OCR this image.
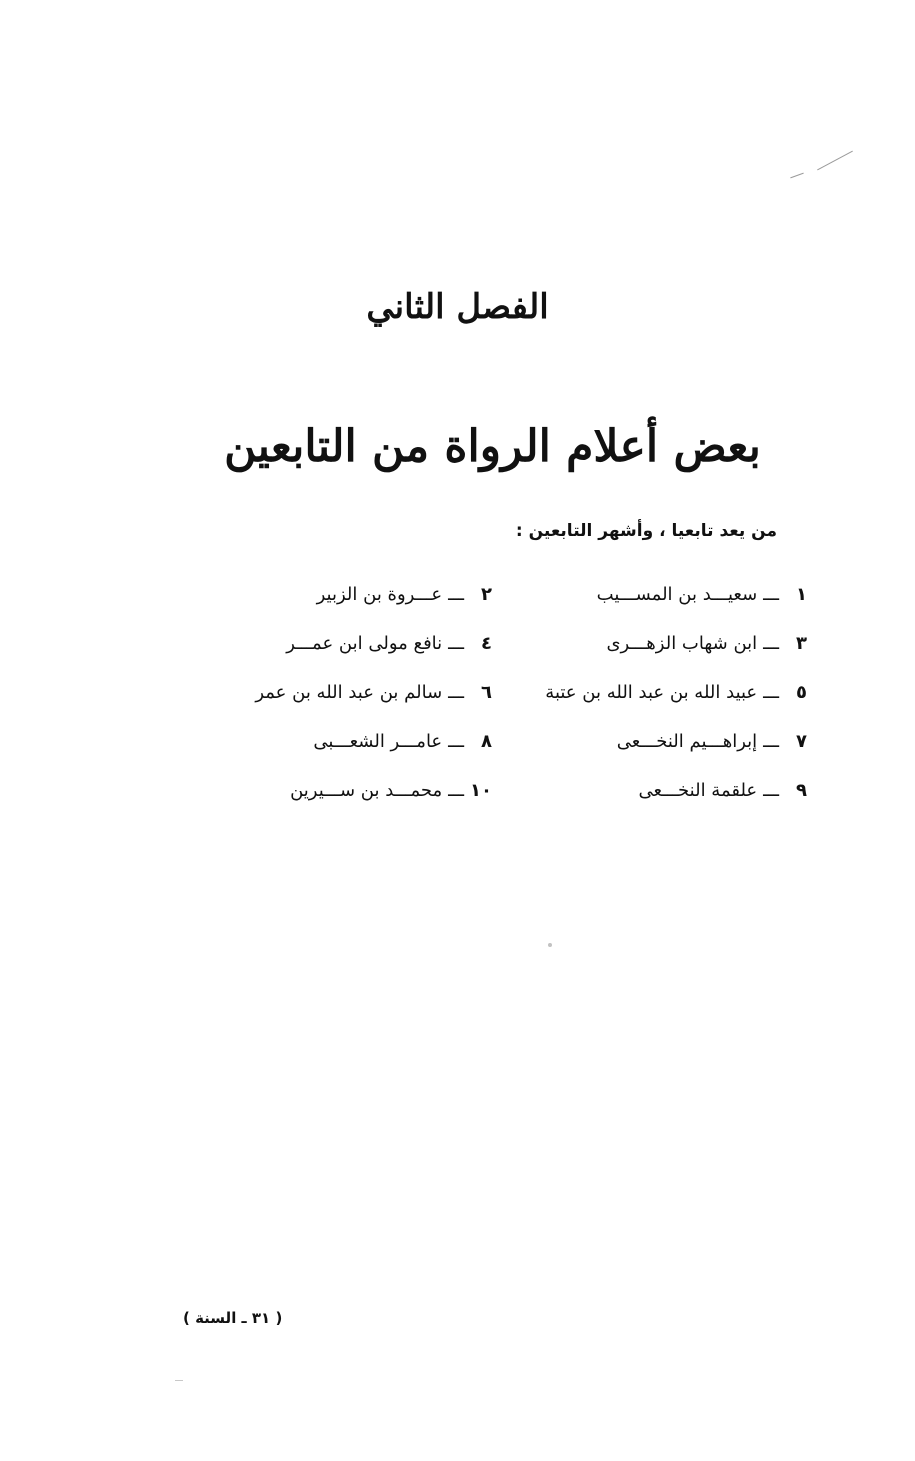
الفصل الثاني
بعض أعلام الرواة من التابعين
من يعد تابعيا ، وأشهر التابعين :
١
ـــ
سعيـــد بن المســـيب
٢
ـــ
عـــروة بن الزبير
٣
ـــ
ابن شهاب الزهـــرى
٤
ـــ
نافع مولى ابن عمـــر
٥
ـــ
عبيد الله بن عبد الله بن عتبة
٦
ـــ
سالم بن عبد الله بن عمر
٧
ـــ
إبراهـــيم النخـــعى
٨
ـــ
عامـــر الشعـــبى
٩
ـــ
علقمة النخـــعى
١٠
ـــ
محمـــد بن ســـيرين
( ٣١ ـ السنة )
